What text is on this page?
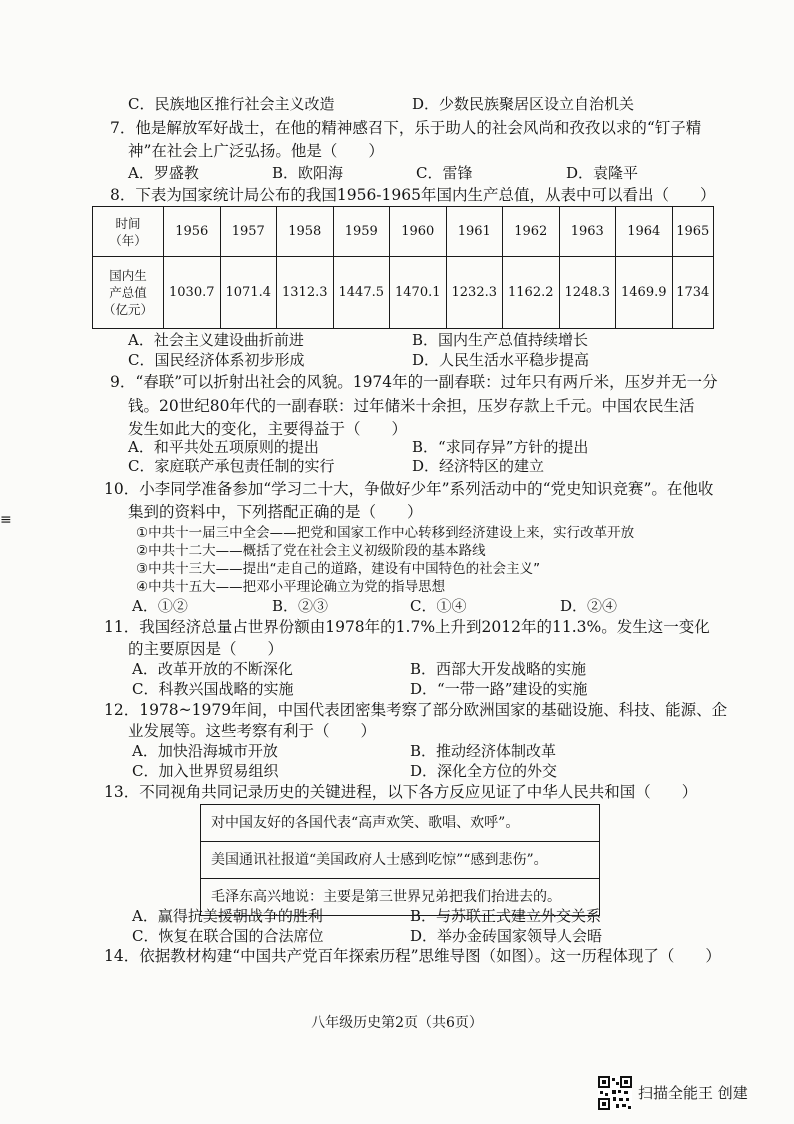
C．民族地区推行社会主义改造	D．少数民族聚居区设立自治机关
7．他是解放军好战士，在他的精神感召下，乐于助人的社会风尚和孜孜以求的“钉子精
神”在社会上广泛弘扬。他是（　　）
A．罗盛教	B．欧阳海	C．雷锋	D．袁隆平
8．下表为国家统计局公布的我国1956-1965年国内生产总值，从表中可以看出（　　）
时间
（年）	1956	1957	1958	1959	1960	1961	1962	1963	1964	1965
国内生
产总值
（亿元）	1030.7	1071.4	1312.3	1447.5	1470.1	1232.3	1162.2	1248.3	1469.9	1734
A．社会主义建设曲折前进	B．国内生产总值持续增长
C．国民经济体系初步形成	D．人民生活水平稳步提高
9．“春联”可以折射出社会的风貌。1974年的一副春联：过年只有两斤米，压岁并无一分
钱。20世纪80年代的一副春联：过年储米十余担，压岁存款上千元。中国农民生活
发生如此大的变化，主要得益于（　　）
A．和平共处五项原则的提出	B．“求同存异”方针的提出
C．家庭联产承包责任制的实行	D．经济特区的建立
10．小李同学准备参加“学习二十大，争做好少年”系列活动中的“党史知识竞赛”。在他收
集到的资料中，下列搭配正确的是（　　）
①中共十一届三中全会——把党和国家工作中心转移到经济建设上来，实行改革开放
②中共十二大——概括了党在社会主义初级阶段的基本路线
③中共十三大——提出“走自己的道路，建设有中国特色的社会主义”
④中共十五大——把邓小平理论确立为党的指导思想
A．①②	B．②③	C．①④	D．②④
11．我国经济总量占世界份额由1978年的1.7%上升到2012年的11.3%。发生这一变化
的主要原因是（　　）
A．改革开放的不断深化	B．西部大开发战略的实施
C．科教兴国战略的实施	D．“一带一路”建设的实施
12．1978~1979年间，中国代表团密集考察了部分欧洲国家的基础设施、科技、能源、企
业发展等。这些考察有利于（　　）
A．加快沿海城市开放	B．推动经济体制改革
C．加入世界贸易组织	D．深化全方位的外交
13．不同视角共同记录历史的关键进程，以下各方反应见证了中华人民共和国（　　）
对中国友好的各国代表“高声欢笑、歌唱、欢呼”。
美国通讯社报道“美国政府人士感到吃惊”“感到悲伤”。
毛泽东高兴地说：主要是第三世界兄弟把我们抬进去的。
A．赢得抗美援朝战争的胜利	B．与苏联正式建立外交关系
C．恢复在联合国的合法席位	D．举办金砖国家领导人会晤
14．依据教材构建“中国共产党百年探索历程”思维导图（如图）。这一历程体现了（　　）
八年级历史第2页（共6页）
≡
扫描全能王 创建
